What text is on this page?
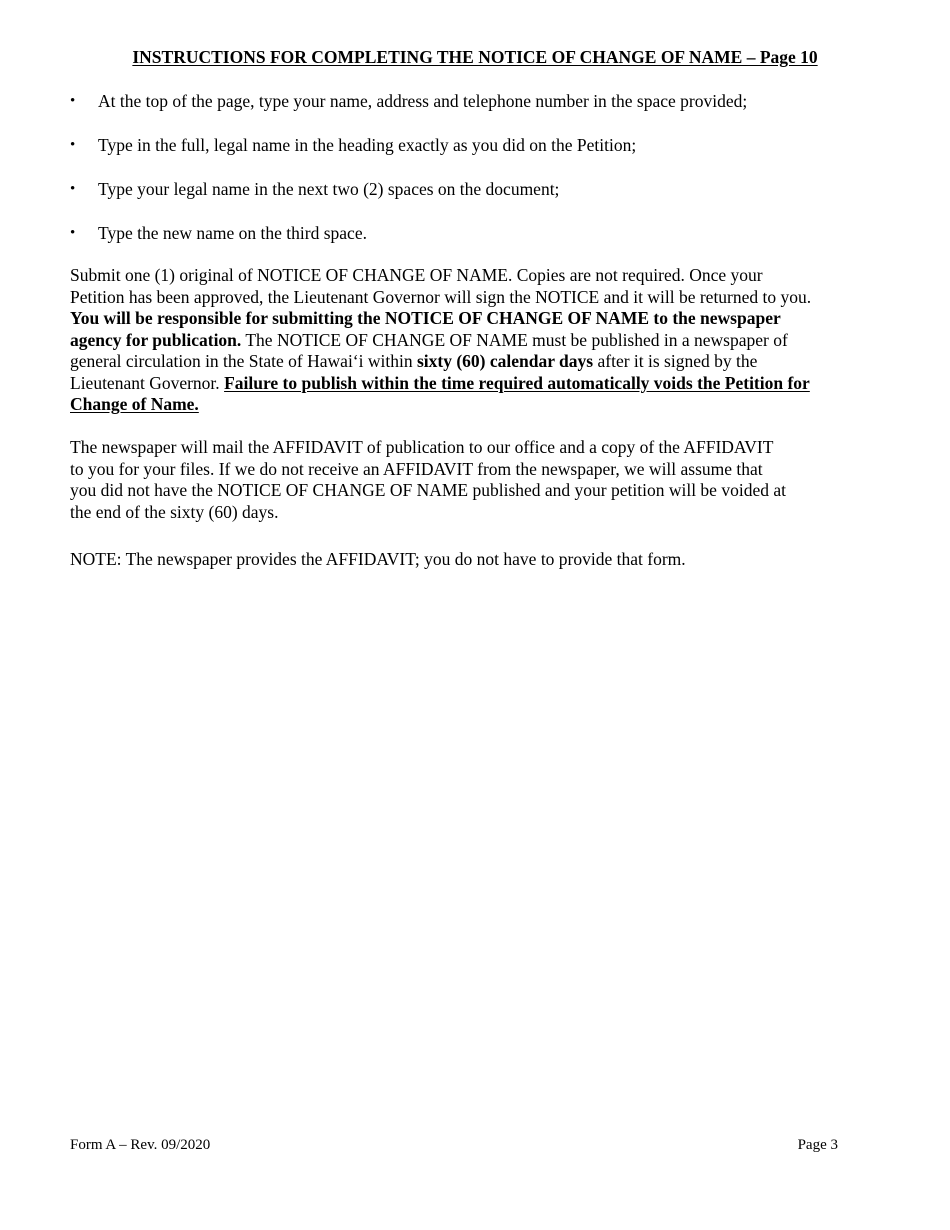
INSTRUCTIONS FOR COMPLETING THE NOTICE OF CHANGE OF NAME – Page 10
• At the top of the page, type your name, address and telephone number in the space provided;
• Type in the full, legal name in the heading exactly as you did on the Petition;
• Type your legal name in the next two (2) spaces on the document;
• Type the new name on the third space.
Submit one (1) original of NOTICE OF CHANGE OF NAME. Copies are not required. Once your
Petition has been approved, the Lieutenant Governor will sign the NOTICE and it will be returned to you.
You will be responsible for submitting the NOTICE OF CHANGE OF NAME to the newspaper
agency for publication. The NOTICE OF CHANGE OF NAME must be published in a newspaper of
general circulation in the State of Hawai‘i within sixty (60) calendar days after it is signed by the
Lieutenant Governor. Failure to publish within the time required automatically voids the Petition for
Change of Name.
The newspaper will mail the AFFIDAVIT of publication to our office and a copy of the AFFIDAVIT
to you for your files. If we do not receive an AFFIDAVIT from the newspaper, we will assume that
you did not have the NOTICE OF CHANGE OF NAME published and your petition will be voided at
the end of the sixty (60) days.
NOTE: The newspaper provides the AFFIDAVIT; you do not have to provide that form.
Form A – Rev. 09/2020	Page 3
